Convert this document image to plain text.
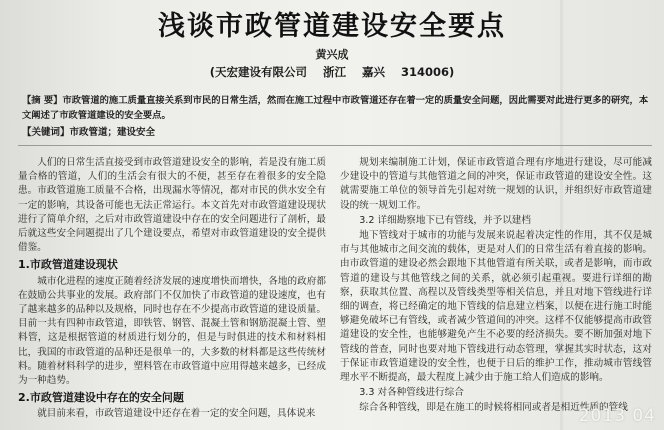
浅谈市政管道建设安全要点
黄兴成
(天宏建设有限公司    浙江    嘉兴    314006)
【摘 要】市政管道的施工质量直接关系到市民的日常生活，然而在施工过程中市政管道还存在着一定的质量安全问题，因此需要对此进行更多的研究，本文阐述了市政管道建设的安全要点。
【关键词】市政管道；建设安全

人们的日常生活直接受到市政管道建设安全的影响，若是没有施工质量合格的管道，人们的生活会有很大的不便，甚至存在着很多的安全隐患。市政管道施工质量不合格，出现漏水等情况，都对市民的供水安全有一定的影响，其设备可能也无法正常运行。本文首先对市政管道建设现状进行了简单介绍，之后对市政管道建设中存在的安全问题进行了剖析，最后就这些安全问题提出了几个建设要点，希望对市政管道建设的安全提供借鉴。

1.市政管道建设现状

城市化进程的速度正随着经济发展的速度增快而增快，各地的政府都在鼓励公共事业的发展。政府部门不仅加快了市政管道的建设速度，也有了越来越多的品种以及规格，同时也存在不少提高市政管道的建设质量。目前一共有四种市政管道，即铁管、钢管、混凝土管和钢筋混凝土管、塑料管，这是根据管道的材质进行划分的，但是与时俱进的技术和材料相比，我国的市政管道的品种还是很单一的，大多数的材料都是这些传统材料。随着材料科学的进步，塑料管在市政管道中应用得越来越多，已经成为一种趋势。

2.市政管道建设中存在的安全问题

就目前来看，市政管道建设中还存在着一定的安全问题，具体说来

规划来编制施工计划，保证市政管道合理有序地进行建设，尽可能减少建设中的管道与其他管道之间的冲突，保证市政管道的建设安全性。这就需要施工单位的领导首先引起对统一规划的认识，并组织好市政管道建设的统一规划工作。

3.2 详细勘察地下已有管线，并予以建档

地下管线对于城市的功能与发展来说起着决定性的作用，其不仅是城市与其他城市之间交流的载体，更是对人们的日常生活有着直接的影响。由市政管道的建设必然会跟地下其他管道有所关联，或者是影响，而市政管道的建设与其他管线之间的关系，就必须引起重视。要进行详细的勘察，获取其位置、高程以及管线类型等相关信息，并且对地下管线进行详细的调查，将已经确定的地下管线的信息建立档案，以便在进行施工时能够避免破坏已有管线，或者减少管道间的冲突。这样不仅能够提高市政管道建设的安全性，也能够避免产生不必要的经济损失。要不断加强对地下管线的普查，同时也要对地下管线进行动态管理，掌握其实时状态，这对于保证市政管道建设的安全性，也便于日后的维护工作，推动城市管线管理水平不断提高，最大程度上减少由于施工给人们造成的影响。

3.3 对各种管线进行综合

综合各种管线，即是在施工的时候将相同或者是相近性质的管线

2013 04
